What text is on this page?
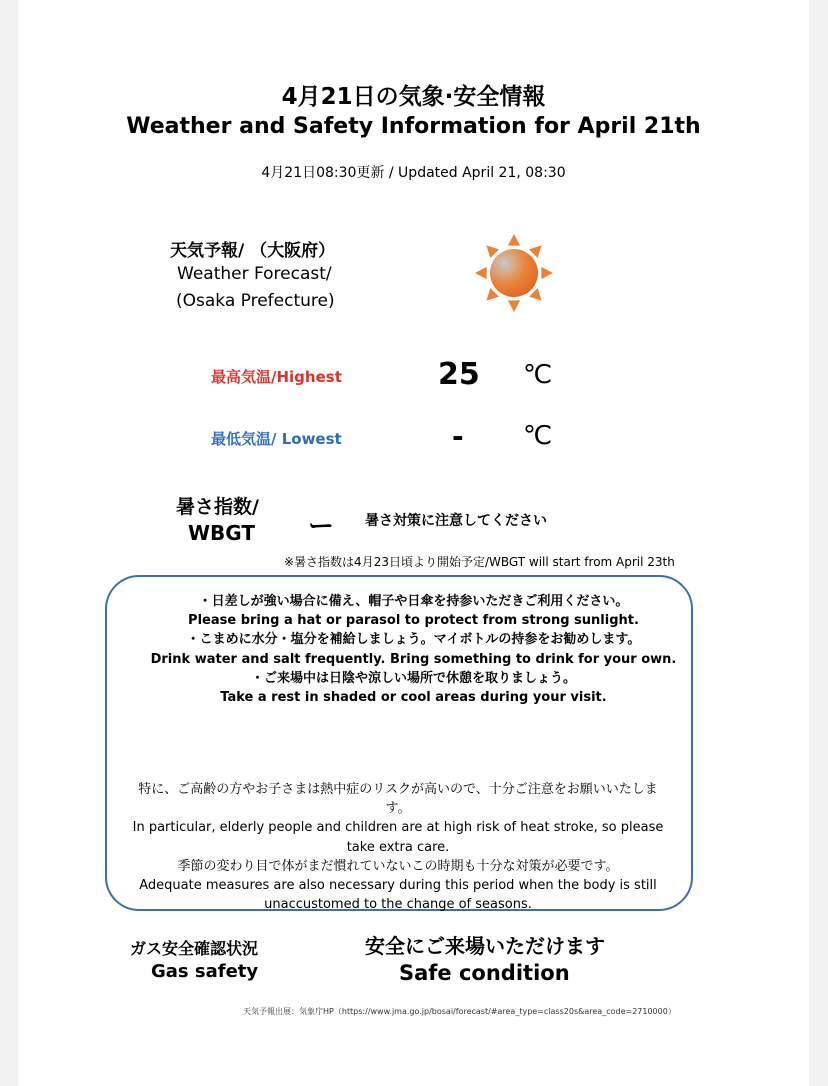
4月21日の気象·安全情報
Weather and Safety Information for April 21th
4月21日08:30更新 / Updated April 21, 08:30
天気予報/ （大阪府）
Weather Forecast/
(Osaka Prefecture)
最高気温/Highest	25 ℃
最低気温/ Lowest	- ℃
暑さ指数/
WBGT ー 暑さ対策に注意してください
※暑さ指数は4月23日頃より開始予定/WBGT will start from April 23th
・日差しが強い場合に備え、帽子や日傘を持参いただきご利用ください。
Please bring a hat or parasol to protect from strong sunlight.
・こまめに水分・塩分を補給しましょう。マイボトルの持参をお勧めします。
Drink water and salt frequently. Bring something to drink for your own.
・ご来場中は日陰や涼しい場所で休憩を取りましょう。
Take a rest in shaded or cool areas during your visit.
特に、ご高齢の方やお子さまは熱中症のリスクが高いので、十分ご注意をお願いいたします。
In particular, elderly people and children are at high risk of heat stroke, so please take extra care.
季節の変わり目で体がまだ慣れていないこの時期も十分な対策が必要です。
Adequate measures are also necessary during this period when the body is still unaccustomed to the change of seasons.
ガス安全確認状況
Gas safety
安全にご来場いただけます
Safe condition
天気予報出展：気象庁HP（https://www.jma.go.jp/bosai/forecast/#area_type=class20s&area_code=2710000）
